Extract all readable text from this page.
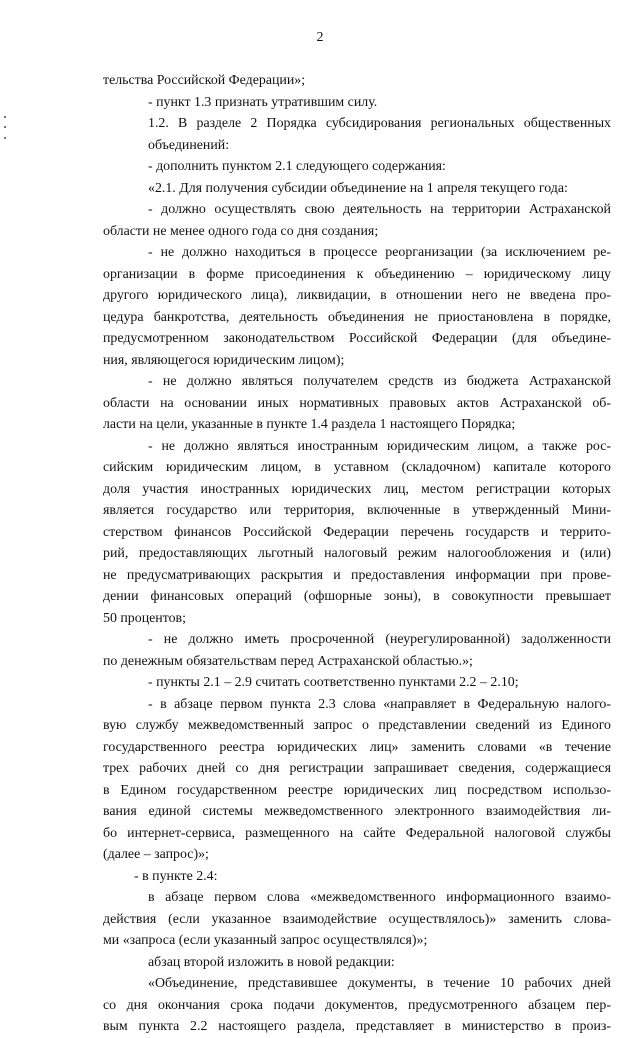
2
тельства Российской Федерации»;
- пункт 1.3 признать утратившим силу.
1.2. В разделе 2 Порядка субсидирования региональных общественных
объединений:
- дополнить пунктом 2.1 следующего содержания:
«2.1. Для получения субсидии объединение на 1 апреля текущего года:
- должно осуществлять свою деятельность на территории Астраханской
области не менее одного года со дня создания;
- не должно находиться в процессе реорганизации (за исключением ре-
организации в форме присоединения к объединению – юридическому лицу
другого юридического лица), ликвидации, в отношении него не введена про-
цедура банкротства, деятельность объединения не приостановлена в порядке,
предусмотренном законодательством Российской Федерации (для объедине-
ния, являющегося юридическим лицом);
- не должно являться получателем средств из бюджета Астраханской
области на основании иных нормативных правовых актов Астраханской об-
ласти на цели, указанные в пункте 1.4 раздела 1 настоящего Порядка;
- не должно являться иностранным юридическим лицом, а также рос-
сийским юридическим лицом, в уставном (складочном) капитале которого
доля участия иностранных юридических лиц, местом регистрации которых
является государство или территория, включенные в утвержденный Мини-
стерством финансов Российской Федерации перечень государств и террито-
рий, предоставляющих льготный налоговый режим налогообложения и (или)
не предусматривающих раскрытия и предоставления информации при прове-
дении финансовых операций (офшорные зоны), в совокупности превышает
50 процентов;
- не должно иметь просроченной (неурегулированной) задолженности
по денежным обязательствам перед Астраханской областью.»;
- пункты 2.1 – 2.9 считать соответственно пунктами 2.2 – 2.10;
- в абзаце первом пункта 2.3 слова «направляет в Федеральную налого-
вую службу межведомственный запрос о представлении сведений из Единого
государственного реестра юридических лиц» заменить словами «в течение
трех рабочих дней со дня регистрации запрашивает сведения, содержащиеся
в Едином государственном реестре юридических лиц посредством использо-
вания единой системы межведомственного электронного взаимодействия ли-
бо интернет-сервиса, размещенного на сайте Федеральной налоговой службы
(далее – запрос)»;
- в пункте 2.4:
в абзаце первом слова «межведомственного информационного взаимо-
действия (если указанное взаимодействие осуществлялось)» заменить слова-
ми «запроса (если указанный запрос осуществлялся)»;
абзац второй изложить в новой редакции:
«Объединение, представившее документы, в течение 10 рабочих дней
со дня окончания срока подачи документов, предусмотренного абзацем пер-
вым пункта 2.2 настоящего раздела, представляет в министерство в произ-
